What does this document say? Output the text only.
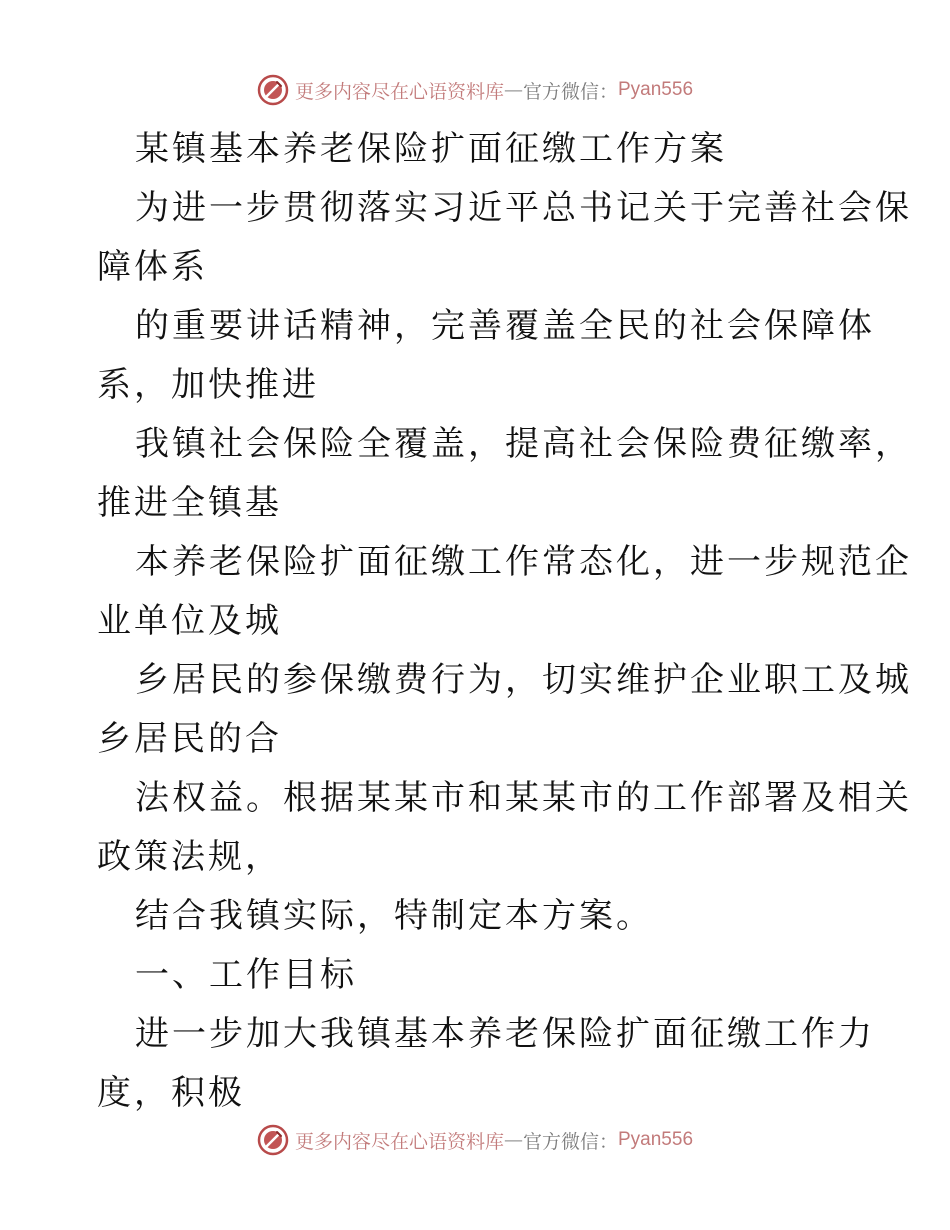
更多内容尽在心语资料库 — 官方微信： Pyan556
某镇基本养老保险扩面征缴工作方案
为进一步贯彻落实习近平总书记关于完善社会保
障体系
的重要讲话精神，完善覆盖全民的社会保障体
系，加快推进
我镇社会保险全覆盖，提高社会保险费征缴率，
推进全镇基
本养老保险扩面征缴工作常态化，进一步规范企
业单位及城
乡居民的参保缴费行为，切实维护企业职工及城
乡居民的合
法权益。根据某某市和某某市的工作部署及相关
政策法规，
结合我镇实际，特制定本方案。
一、工作目标
进一步加大我镇基本养老保险扩面征缴工作力
度，积极
更多内容尽在心语资料库 — 官方微信： Pyan556
